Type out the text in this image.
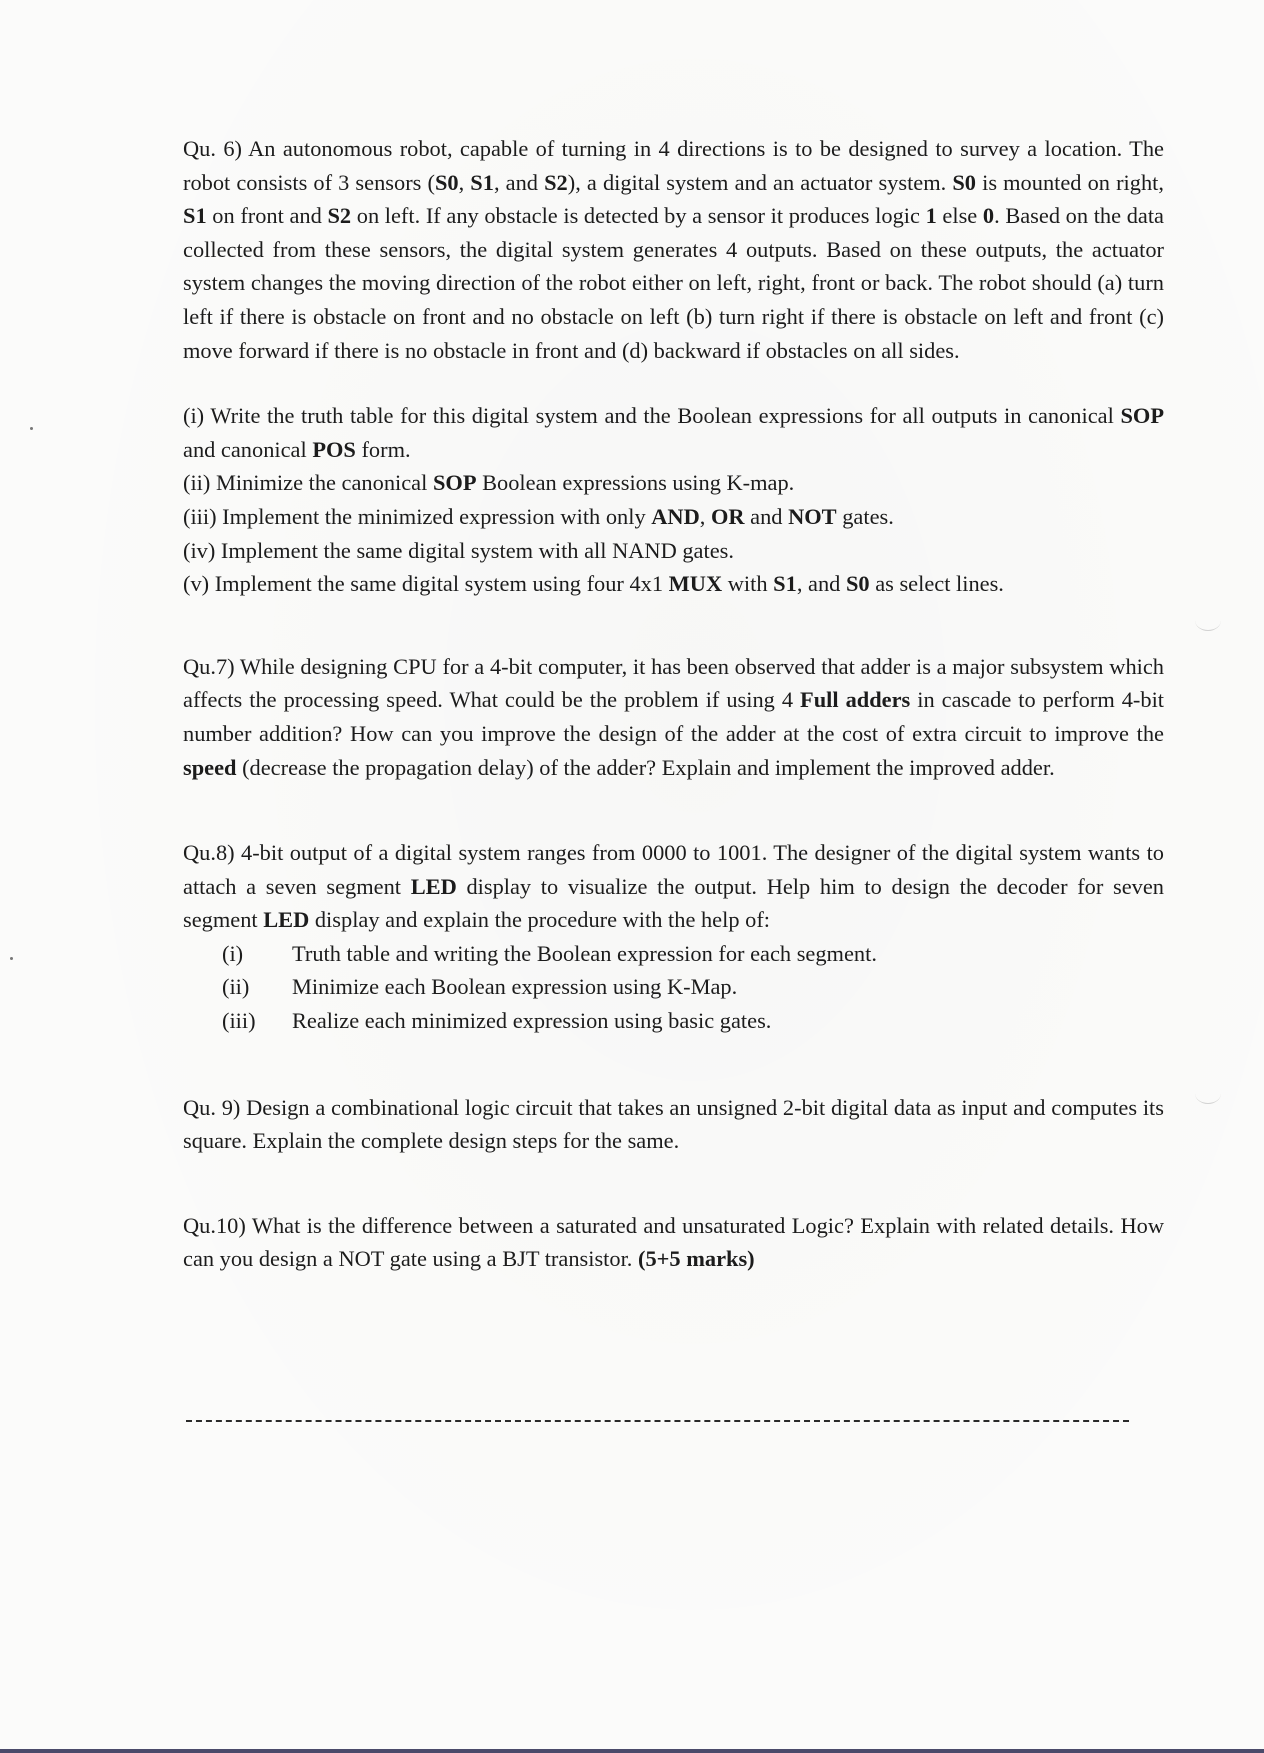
Qu. 6) An autonomous robot, capable of turning in 4 directions is to be designed to survey a location. The robot consists of 3 sensors (S0, S1, and S2), a digital system and an actuator system. S0 is mounted on right, S1 on front and S2 on left. If any obstacle is detected by a sensor it produces logic 1 else 0. Based on the data collected from these sensors, the digital system generates 4 outputs. Based on these outputs, the actuator system changes the moving direction of the robot either on left, right, front or back. The robot should (a) turn left if there is obstacle on front and no obstacle on left (b) turn right if there is obstacle on left and front (c) move forward if there is no obstacle in front and (d) backward if obstacles on all sides.

(i) Write the truth table for this digital system and the Boolean expressions for all outputs in canonical SOP and canonical POS form.

(ii) Minimize the canonical SOP Boolean expressions using K-map.
(iii) Implement the minimized expression with only AND, OR and NOT gates.
(iv) Implement the same digital system with all NAND gates.
(v) Implement the same digital system using four 4x1 MUX with S1, and S0 as select lines.

Qu.7) While designing CPU for a 4-bit computer, it has been observed that adder is a major subsystem which affects the processing speed. What could be the problem if using 4 Full adders in cascade to perform 4-bit number addition? How can you improve the design of the adder at the cost of extra circuit to improve the speed (decrease the propagation delay) of the adder? Explain and implement the improved adder.

Qu.8) 4-bit output of a digital system ranges from 0000 to 1001. The designer of the digital system wants to attach a seven segment LED display to visualize the output. Help him to design the decoder for seven segment LED display and explain the procedure with the help of:

(i)	Truth table and writing the Boolean expression for each segment.
(ii)	Minimize each Boolean expression using K-Map.
(iii)	Realize each minimized expression using basic gates.

Qu. 9) Design a combinational logic circuit that takes an unsigned 2-bit digital data as input and computes its square. Explain the complete design steps for the same.

Qu.10) What is the difference between a saturated and unsaturated Logic? Explain with related details. How can you design a NOT gate using a BJT transistor. (5+5 marks)
